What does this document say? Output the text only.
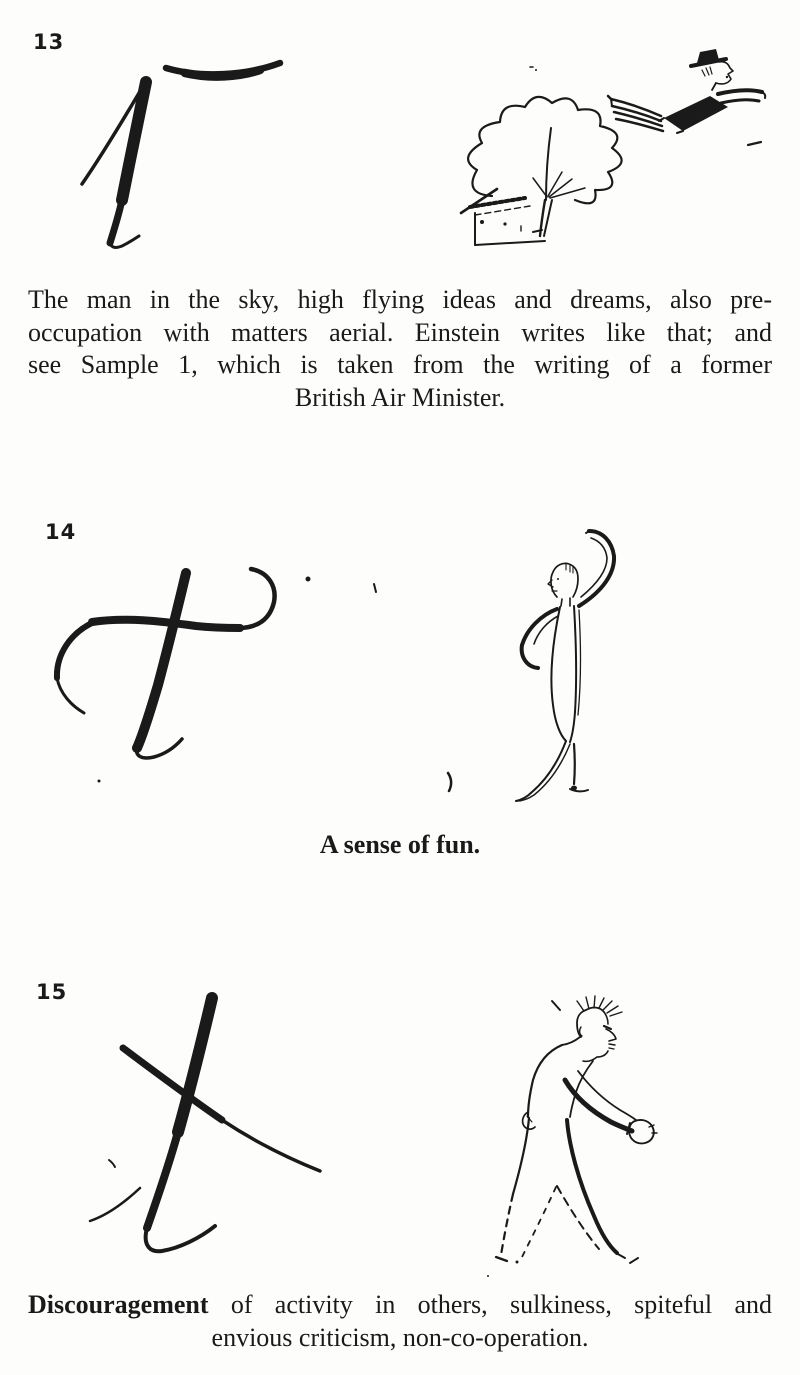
13
The man in the sky, high flying ideas and dreams, also pre-
occupation with matters aerial. Einstein writes like that; and
see Sample 1, which is taken from the writing of a former
British Air Minister.
14
A sense of fun.
15
Discouragement of activity in others, sulkiness, spiteful and
envious criticism, non-co-operation.
